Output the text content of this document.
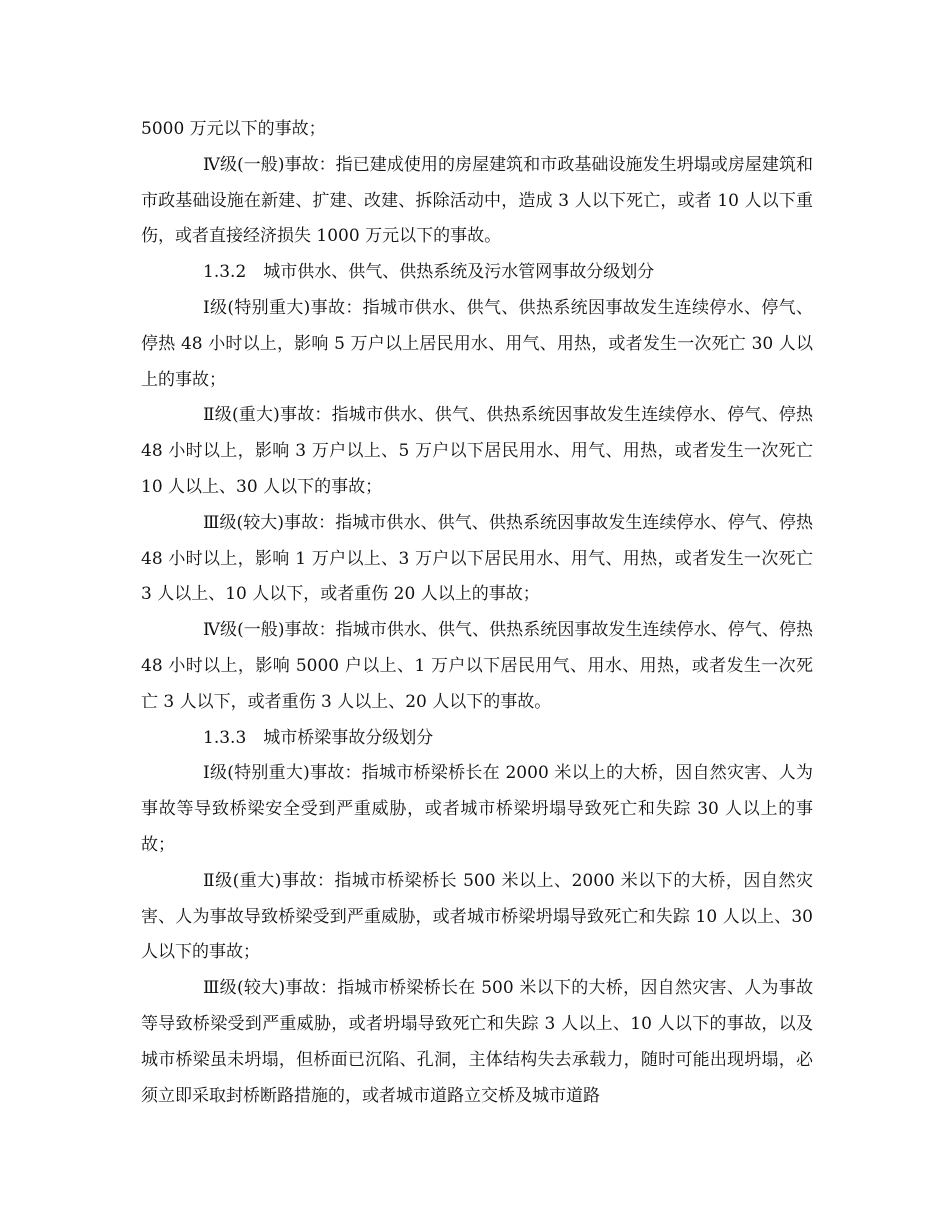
5000 万元以下的事故；

Ⅳ级(一般)事故：指已建成使用的房屋建筑和市政基础设施发生坍塌或房屋建筑和市政基础设施在新建、扩建、改建、拆除活动中，造成 3 人以下死亡，或者 10 人以下重伤，或者直接经济损失 1000 万元以下的事故。

1.3.2　城市供水、供气、供热系统及污水管网事故分级划分

Ⅰ级(特别重大)事故：指城市供水、供气、供热系统因事故发生连续停水、停气、停热 48 小时以上，影响 5 万户以上居民用水、用气、用热，或者发生一次死亡 30 人以上的事故；

Ⅱ级(重大)事故：指城市供水、供气、供热系统因事故发生连续停水、停气、停热 48 小时以上，影响 3 万户以上、5 万户以下居民用水、用气、用热，或者发生一次死亡 10 人以上、30 人以下的事故；

Ⅲ级(较大)事故：指城市供水、供气、供热系统因事故发生连续停水、停气、停热 48 小时以上，影响 1 万户以上、3 万户以下居民用水、用气、用热，或者发生一次死亡 3 人以上、10 人以下，或者重伤 20 人以上的事故；

Ⅳ级(一般)事故：指城市供水、供气、供热系统因事故发生连续停水、停气、停热 48 小时以上，影响 5000 户以上、1 万户以下居民用气、用水、用热，或者发生一次死亡 3 人以下，或者重伤 3 人以上、20 人以下的事故。

1.3.3　城市桥梁事故分级划分

Ⅰ级(特别重大)事故：指城市桥梁桥长在 2000 米以上的大桥，因自然灾害、人为事故等导致桥梁安全受到严重威胁，或者城市桥梁坍塌导致死亡和失踪 30 人以上的事故；

Ⅱ级(重大)事故：指城市桥梁桥长 500 米以上、2000 米以下的大桥，因自然灾害、人为事故导致桥梁受到严重威胁，或者城市桥梁坍塌导致死亡和失踪 10 人以上、30 人以下的事故；

Ⅲ级(较大)事故：指城市桥梁桥长在 500 米以下的大桥，因自然灾害、人为事故等导致桥梁受到严重威胁，或者坍塌导致死亡和失踪 3 人以上、10 人以下的事故，以及城市桥梁虽未坍塌，但桥面已沉陷、孔洞，主体结构失去承载力，随时可能出现坍塌，必须立即采取封桥断路措施的，或者城市道路立交桥及城市道路
